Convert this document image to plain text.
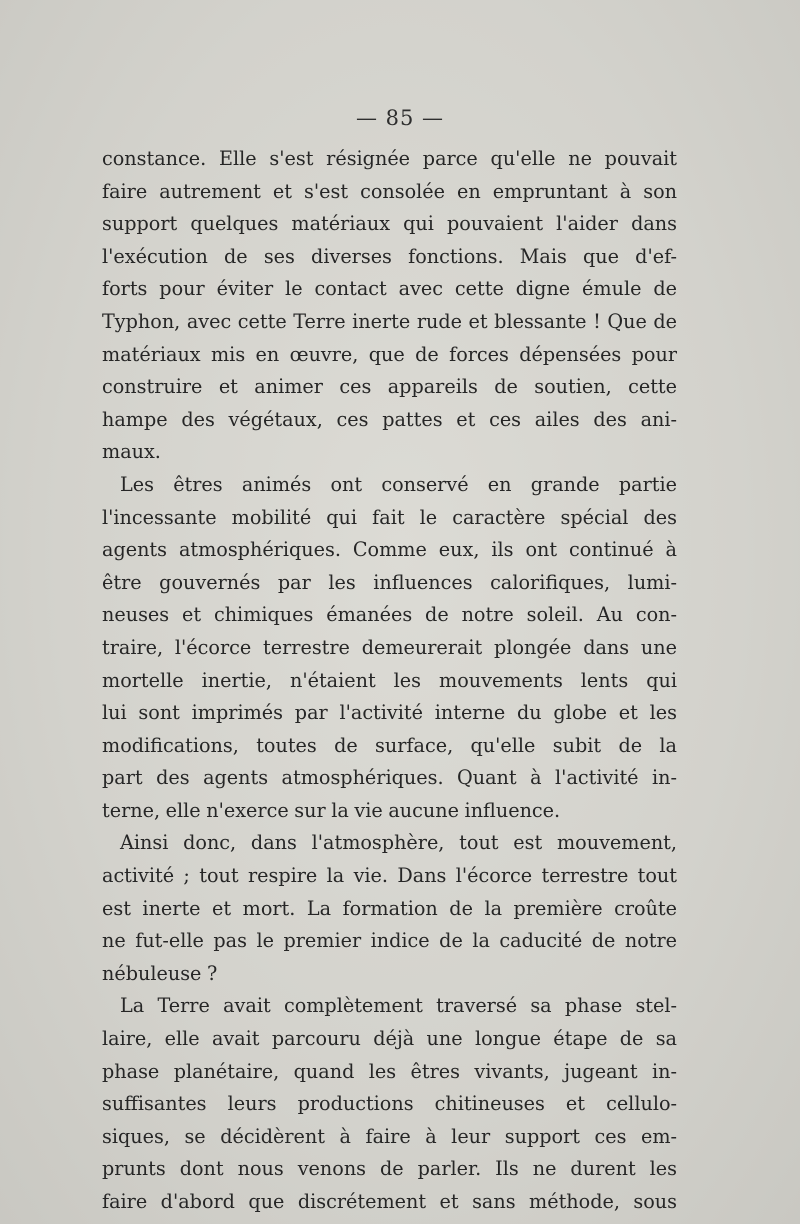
— 85 —
constance. Elle s'est résignée parce qu'elle ne pouvait
faire autrement et s'est consolée en empruntant à son
support quelques matériaux qui pouvaient l'aider dans
l'exécution de ses diverses fonctions. Mais que d'ef-
forts pour éviter le contact avec cette digne émule de
Typhon, avec cette Terre inerte rude et blessante ! Que de
matériaux mis en œuvre, que de forces dépensées pour
construire et animer ces appareils de soutien, cette
hampe des végétaux, ces pattes et ces ailes des ani-
maux.
Les êtres animés ont conservé en grande partie
l'incessante mobilité qui fait le caractère spécial des
agents atmosphériques. Comme eux, ils ont continué à
être gouvernés par les influences calorifiques, lumi-
neuses et chimiques émanées de notre soleil. Au con-
traire, l'écorce terrestre demeurerait plongée dans une
mortelle inertie, n'étaient les mouvements lents qui
lui sont imprimés par l'activité interne du globe et les
modifications, toutes de surface, qu'elle subit de la
part des agents atmosphériques. Quant à l'activité in-
terne, elle n'exerce sur la vie aucune influence.
Ainsi donc, dans l'atmosphère, tout est mouvement,
activité ; tout respire la vie. Dans l'écorce terrestre tout
est inerte et mort. La formation de la première croûte
ne fut-elle pas le premier indice de la caducité de notre
nébuleuse ?
La Terre avait complètement traversé sa phase stel-
laire, elle avait parcouru déjà une longue étape de sa
phase planétaire, quand les êtres vivants, jugeant in-
suffisantes leurs productions chitineuses et cellulo-
siques, se décidèrent à faire à leur support ces em-
prunts dont nous venons de parler. Ils ne durent les
faire d'abord que discrétement et sans méthode, sous
